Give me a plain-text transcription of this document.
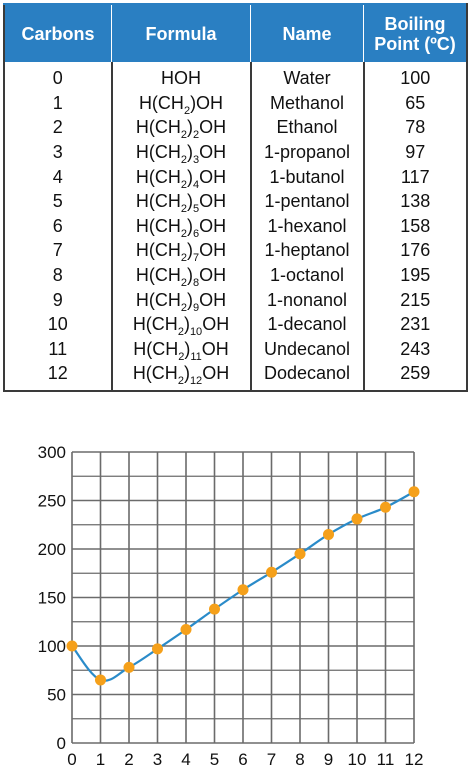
Carbons	Formula	Name	Boiling
Point (ºC)
0	HOH	Water	100
1	$H(CH_2)OH$	Methanol	65
2	$H(CH_2)_2OH$	Ethanol	78
3	$H(CH_2)_3OH$	1-propanol	97
4	$H(CH_2)_4OH$	1-butanol	117
5	$H(CH_2)_5OH$	1-pentanol	138
6	$H(CH_2)_6OH$	1-hexanol	158
7	$H(CH_2)_7OH$	1-heptanol	176
8	$H(CH_2)_8OH$	1-octanol	195
9	$H(CH_2)_9OH$	1-nonanol	215
10	$H(CH_2)_{10}OH$	1-decanol	231
11	$H(CH_2)_{11}OH$	Undecanol	243
12	$H(CH_2)_{12}OH$	Dodecanol	259
0
50
100
150
200
250
300
0 1 2 3 4 5 6 7 8 9 10 11 12
